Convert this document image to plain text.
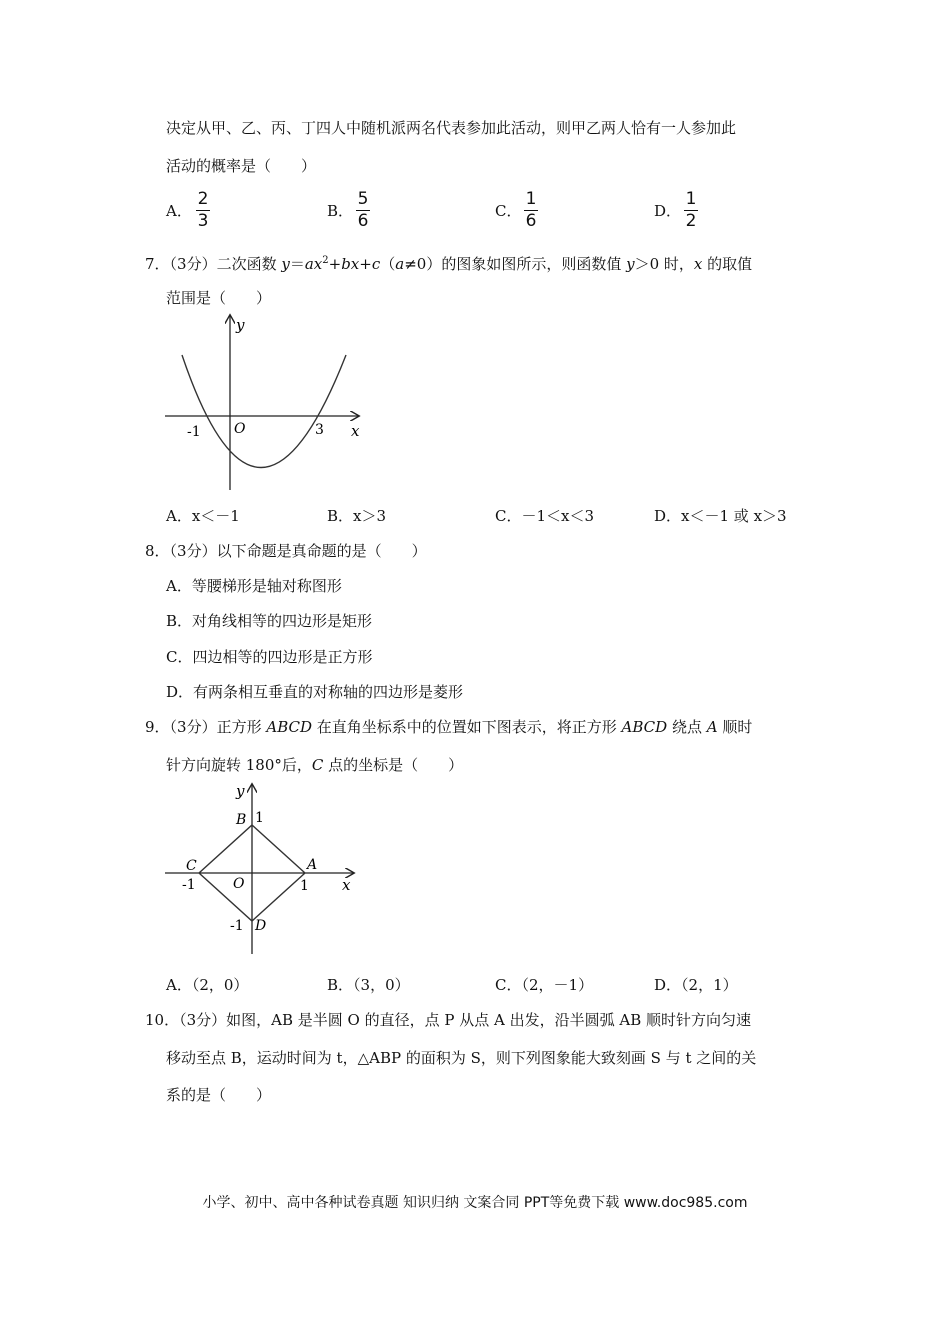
决定从甲、乙、丙、丁四人中随机派两名代表参加此活动，则甲乙两人恰有一人参加此
活动的概率是（　　）
A． $\frac{2}{3}$	B． $\frac{5}{6}$	C． $\frac{1}{6}$	D． $\frac{1}{2}$
7．（3分）二次函数 $y=ax^2+bx+c(a\ne 0)$的图象如图所示，则函数值 y＞0 时，x 的取值
范围是（　　）
y
x
O
-1	3
A．x＜－1	B．x＞3	C．－1＜x＜3	D．x＜－1 或 x＞3
8．（3分）以下命题是真命题的是（　　）
A．等腰梯形是轴对称图形
B．对角线相等的四边形是矩形
C．四边相等的四边形是正方形
D．有两条相互垂直的对称轴的四边形是菱形
9．（3分）正方形 ABCD 在直角坐标系中的位置如下图表示，将正方形 ABCD 绕点 A 顺时
针方向旋转 180°后，C 点的坐标是（　　）
y
x
O
B 1
C
-1
A
1
-1 D
A．（2，0）	B．（3，0）	C．（2，－1）	D．（2，1）
10．（3分）如图，AB 是半圆 O 的直径，点 P 从点 A 出发，沿半圆弧 AB 顺时针方向匀速
移动至点 B，运动时间为 t，△ABP 的面积为 S，则下列图象能大致刻画 S 与 t 之间的关
系的是（　　）
小学、初中、高中各种试卷真题 知识归纳 文案合同 PPT等免费下载 www.doc985.com
